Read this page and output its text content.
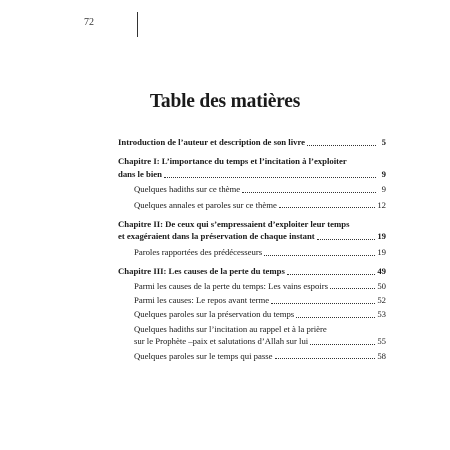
72
Table des matières
Introduction de l’auteur et description de son livre	5
Chapitre I: L’importance du temps et l’incitation à l’exploiter
dans le bien	9
Quelques hadiths sur ce thème	9
Quelques annales et paroles sur ce thème	12
Chapitre II: De ceux qui s’empressaient d’exploiter leur temps
et exagéraient dans la préservation de chaque instant	19
Paroles rapportées des prédécesseurs	19
Chapitre III: Les causes de la perte du temps	49
Parmi les causes de la perte du temps: Les vains espoirs	50
Parmi les causes: Le repos avant terme	52
Quelques paroles sur la préservation du temps	53
Quelques hadiths sur l’incitation au rappel et à la prière
sur le Prophète –paix et salutations d’Allah sur lui	55
Quelques paroles sur le temps qui passe	58
